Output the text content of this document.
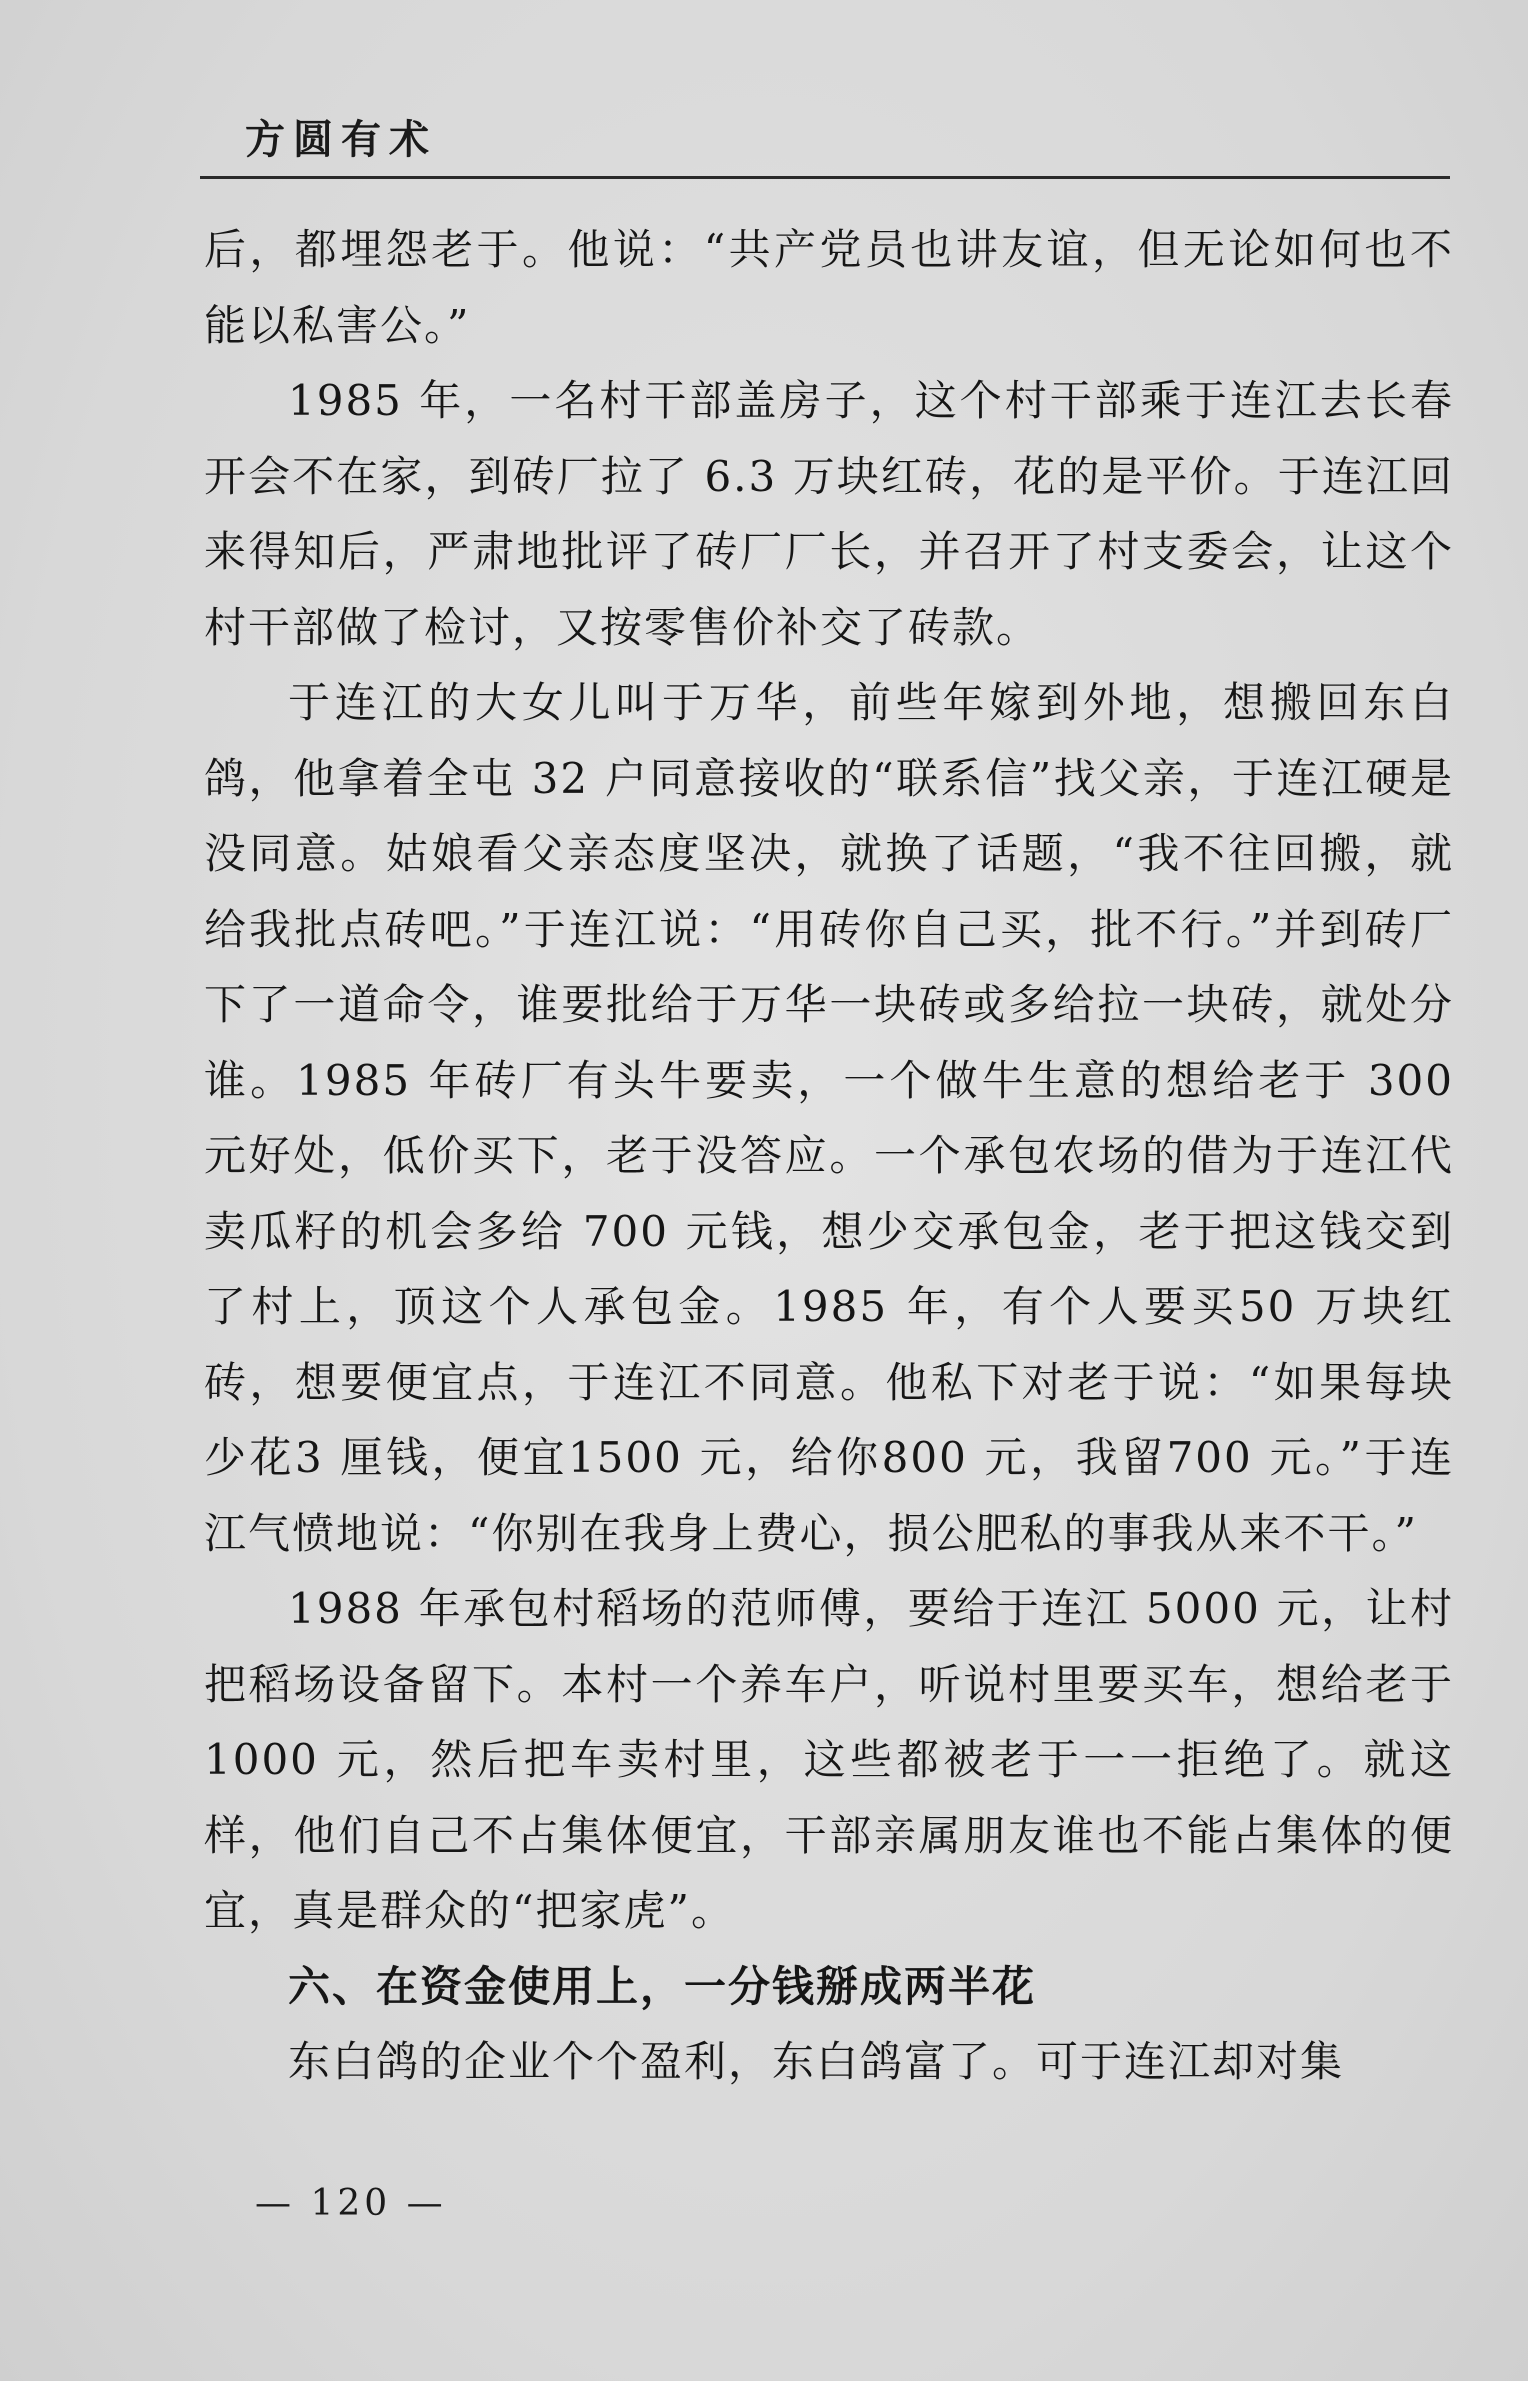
方圆有术

后，都埋怨老于。他说：“共产党员也讲友谊，但无论如何也不能以私害公。”

1985 年，一名村干部盖房子，这个村干部乘于连江去长春开会不在家，到砖厂拉了 6.3 万块红砖，花的是平价。于连江回来得知后，严肃地批评了砖厂厂长，并召开了村支委会，让这个村干部做了检讨，又按零售价补交了砖款。

于连江的大女儿叫于万华，前些年嫁到外地，想搬回东白鸽，他拿着全屯 32 户同意接收的“联系信”找父亲，于连江硬是没同意。姑娘看父亲态度坚决，就换了话题，“我不往回搬，就给我批点砖吧。”于连江说：“用砖你自己买，批不行。”并到砖厂下了一道命令，谁要批给于万华一块砖或多给拉一块砖，就处分谁。1985 年砖厂有头牛要卖，一个做牛生意的想给老于 300 元好处，低价买下，老于没答应。一个承包农场的借为于连江代卖瓜籽的机会多给 700 元钱，想少交承包金，老于把这钱交到了村上，顶这个人承包金。1985 年，有个人要买50 万块红砖，想要便宜点，于连江不同意。他私下对老于说：“如果每块少花3 厘钱，便宜1500 元，给你800 元，我留700 元。”于连江气愤地说：“你别在我身上费心，损公肥私的事我从来不干。”

1988 年承包村稻场的范师傅，要给于连江 5000 元，让村把稻场设备留下。本村一个养车户，听说村里要买车，想给老于 1000 元，然后把车卖村里，这些都被老于一一拒绝了。就这样，他们自己不占集体便宜，干部亲属朋友谁也不能占集体的便宜，真是群众的“把家虎”。

六、在资金使用上，一分钱掰成两半花

东白鸽的企业个个盈利，东白鸽富了。可于连江却对集

— 120 —
